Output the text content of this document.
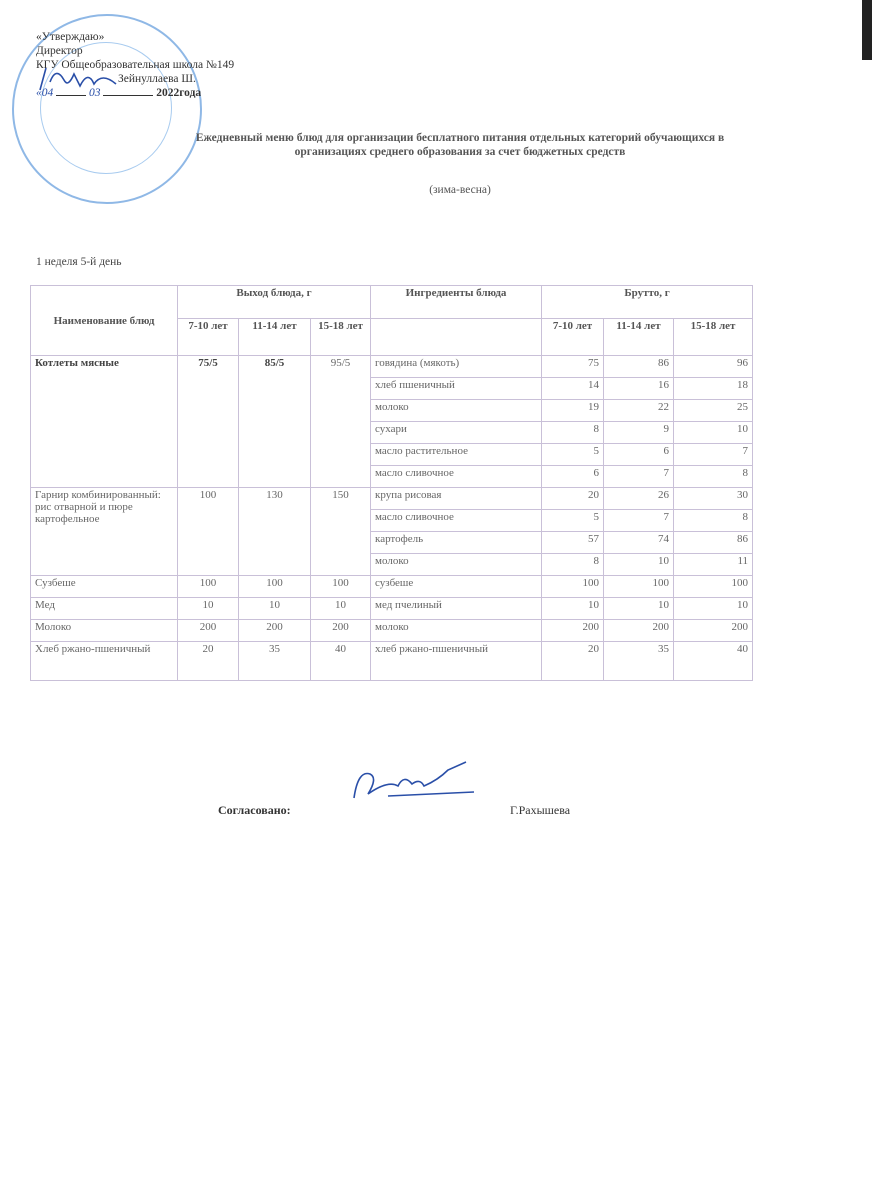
«Утверждаю»
Директор
КГУ Общеобразовательная школа №149
Зейнуллаева Ш.
«04	03	2022года
Ежедневный меню блюд для организации бесплатного питания отдельных категорий обучающихся в
организациях среднего образования за счет бюджетных средств
(зима-весна)
1 неделя 5-й день
Наименование блюд	Выход блюда, г			Ингредиенты блюда	Брутто, г		
	7-10 лет	11-14 лет	15-18 лет		7-10 лет	11-14 лет	15-18 лет
Котлеты мясные	75/5	85/5	95/5	говядина (мякоть)	75	86	96
				хлеб пшеничный	14	16	18
				молоко	19	22	25
				сухари	8	9	10
				масло растительное	5	6	7
				масло сливочное	6	7	8
Гарнир комбинированный: рис отварной и пюре картофельное	100	130	150	крупа рисовая	20	26	30
				масло сливочное	5	7	8
				картофель	57	74	86
				молоко	8	10	11
Сузбеше	100	100	100	сузбеше	100	100	100
Мед	10	10	10	мед пчелиный	10	10	10
Молоко	200	200	200	молоко	200	200	200
Хлеб ржано-пшеничный	20	35	40	хлеб ржано-пшеничный	20	35	40
Согласовано:	Г.Рахышева
